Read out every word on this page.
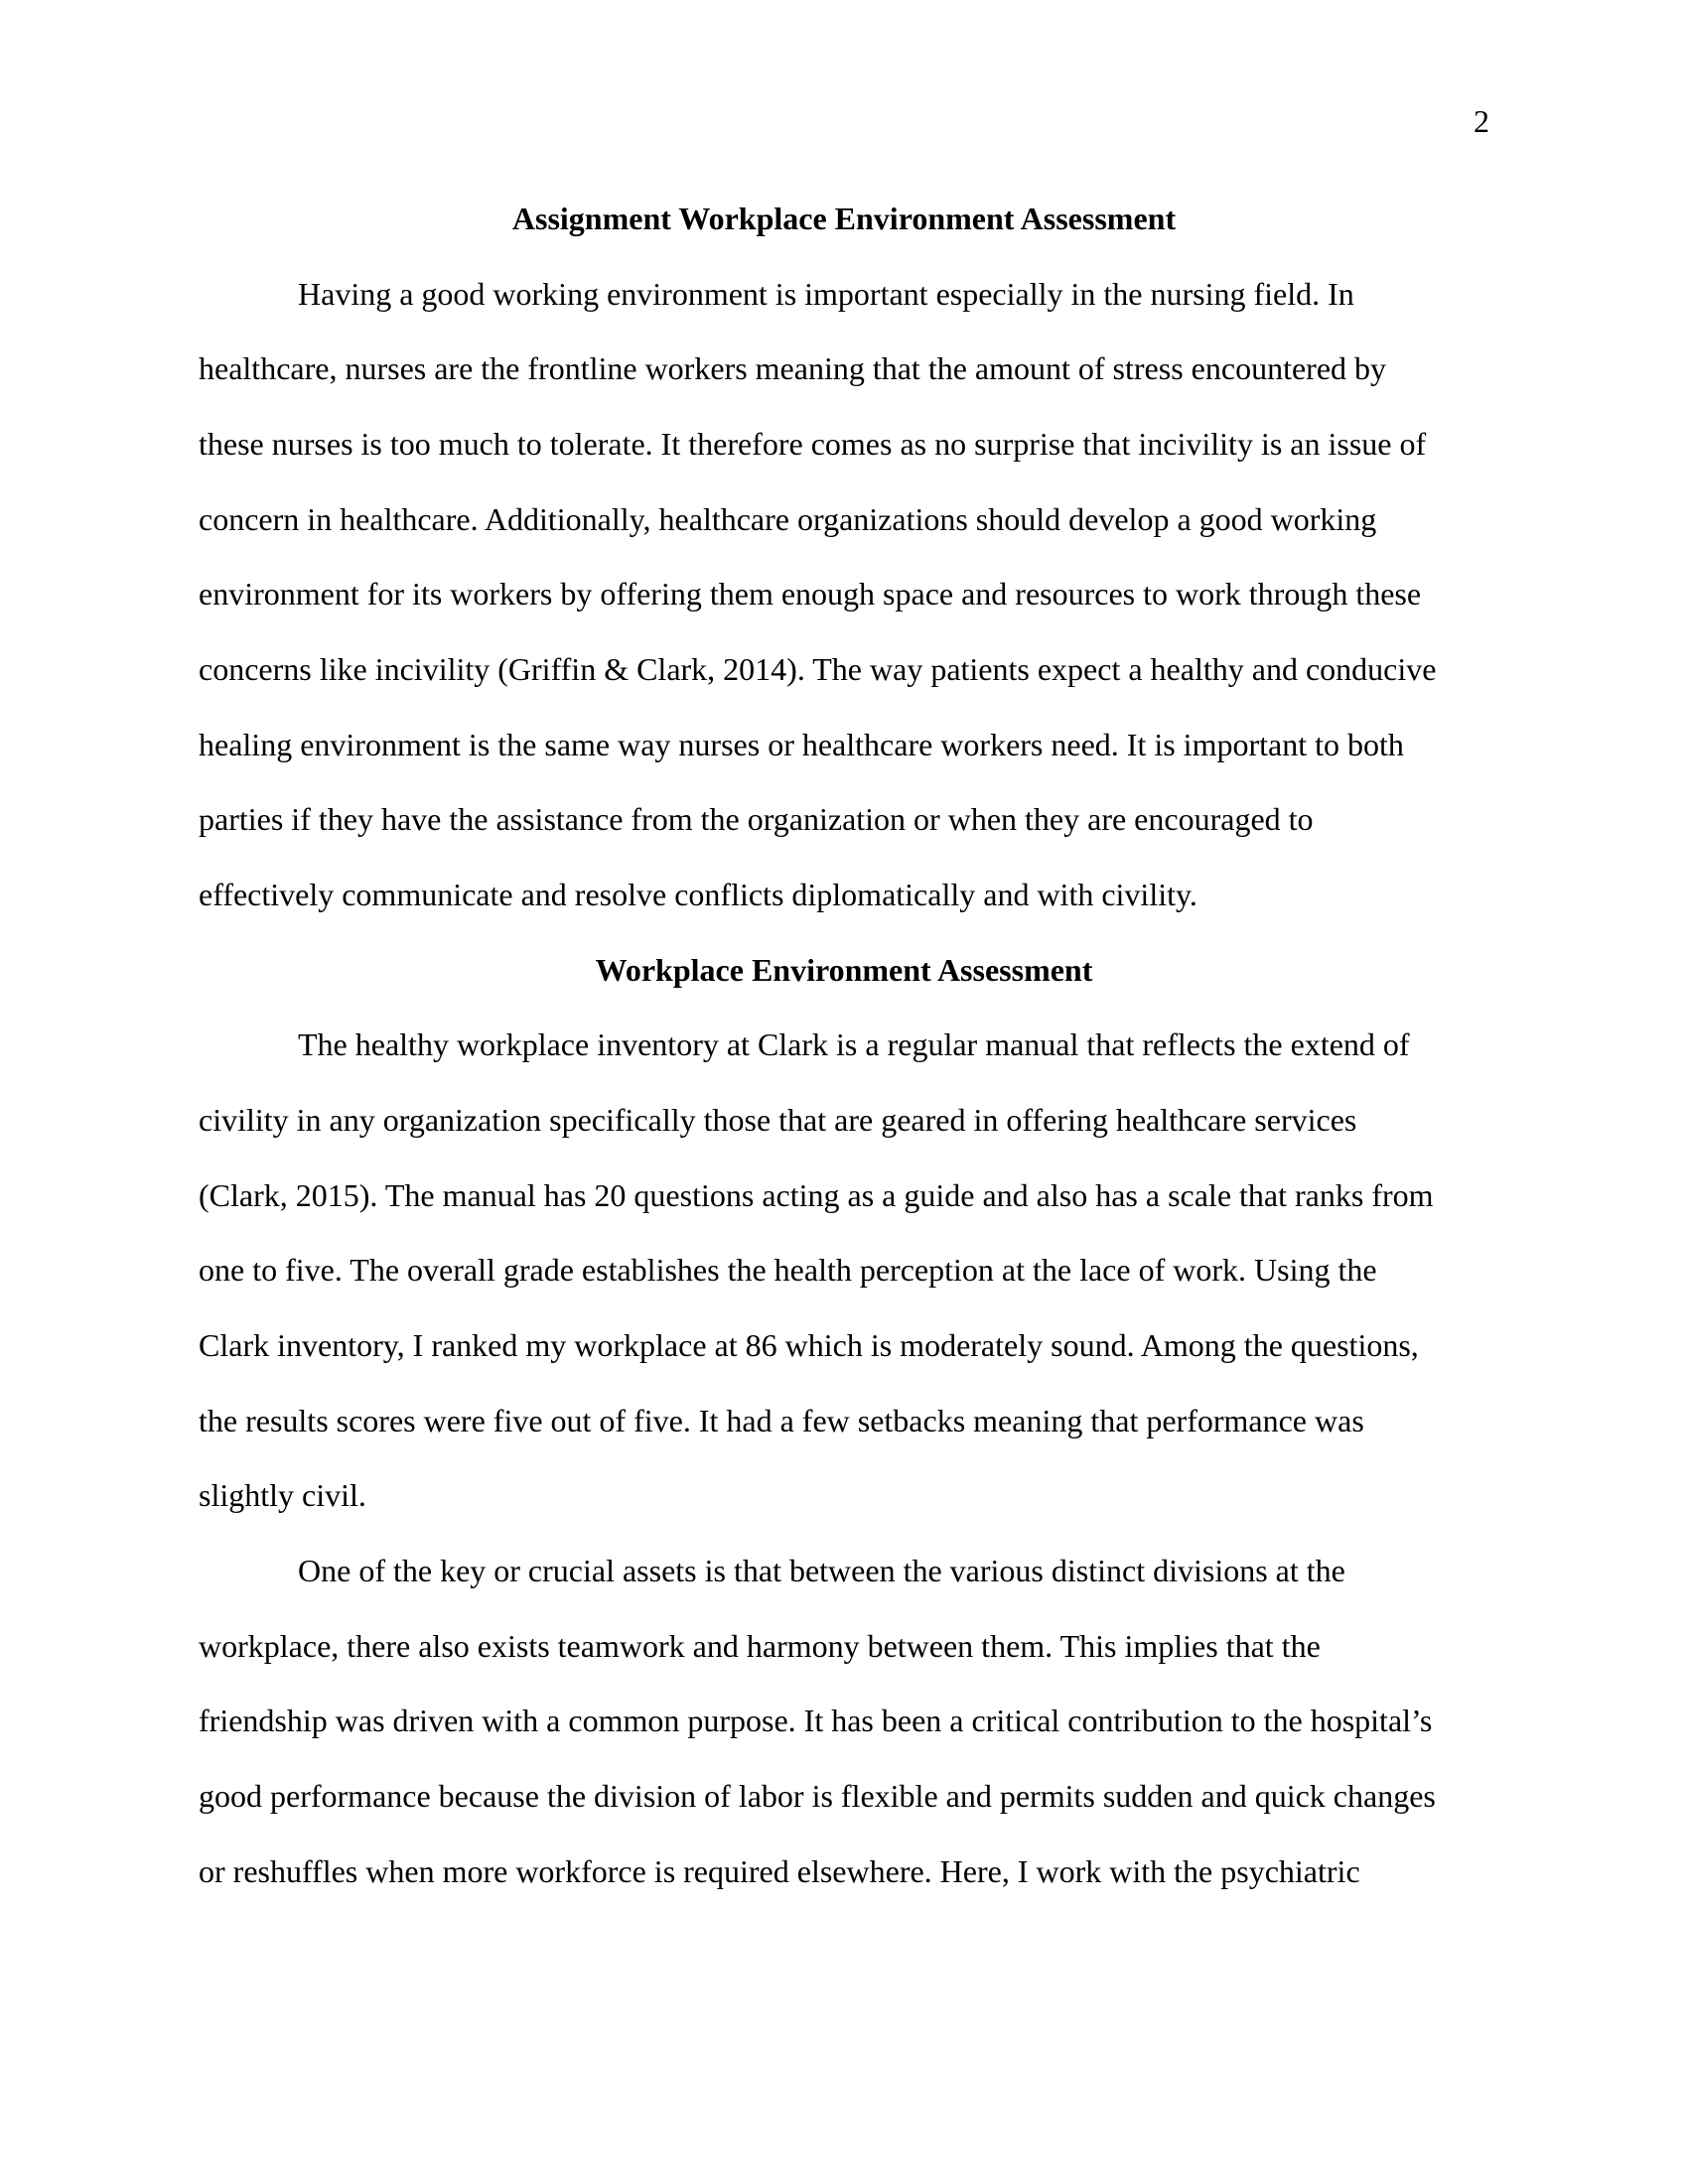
2
Assignment Workplace Environment Assessment
Having a good working environment is important especially in the nursing field. In
healthcare, nurses are the frontline workers meaning that the amount of stress encountered by
these nurses is too much to tolerate. It therefore comes as no surprise that incivility is an issue of
concern in healthcare. Additionally, healthcare organizations should develop a good working
environment for its workers by offering them enough space and resources to work through these
concerns like incivility (Griffin & Clark, 2014). The way patients expect a healthy and conducive
healing environment is the same way nurses or healthcare workers need. It is important to both
parties if they have the assistance from the organization or when they are encouraged to
effectively communicate and resolve conflicts diplomatically and with civility.
Workplace Environment Assessment
The healthy workplace inventory at Clark is a regular manual that reflects the extend of
civility in any organization specifically those that are geared in offering healthcare services
(Clark, 2015). The manual has 20 questions acting as a guide and also has a scale that ranks from
one to five. The overall grade establishes the health perception at the lace of work. Using the
Clark inventory, I ranked my workplace at 86 which is moderately sound. Among the questions,
the results scores were five out of five. It had a few setbacks meaning that performance was
slightly civil.
One of the key or crucial assets is that between the various distinct divisions at the
workplace, there also exists teamwork and harmony between them. This implies that the
friendship was driven with a common purpose. It has been a critical contribution to the hospital’s
good performance because the division of labor is flexible and permits sudden and quick changes
or reshuffles when more workforce is required elsewhere. Here, I work with the psychiatric
